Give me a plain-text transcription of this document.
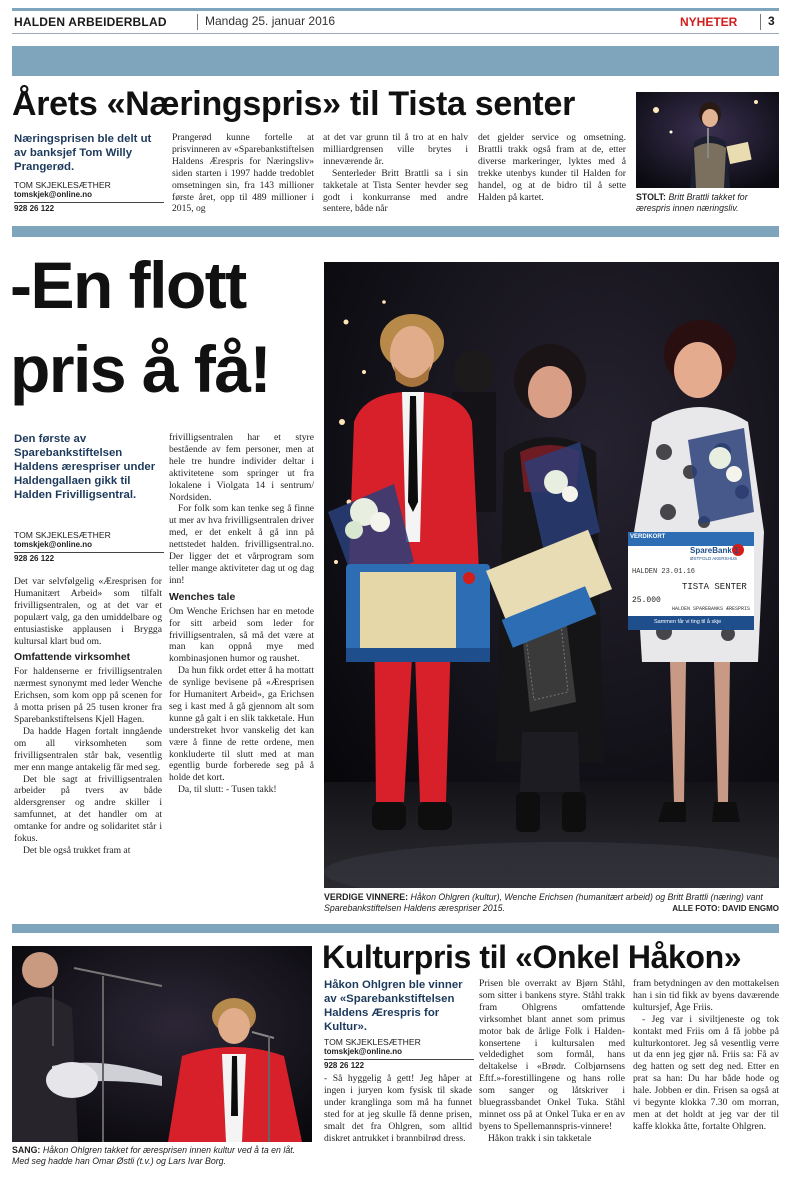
HALDEN ARBEIDERBLAD	Mandag 25. januar 2016	NYHETER	3
Årets «Næringspris» til Tista senter
Næringsprisen ble delt ut av banksjef Tom Willy Prangerød.
TOM SKJEKLESÆTHER
tomskjek@online.no
928 26 122

Prangerød kunne fortelle at prisvinneren av «Sparebankstiftelsen Haldens Ærespris for Næringsliv» siden starten i 1997 hadde tredoblet omsetningen sin, fra 143 millioner første året, opp til 489 millioner i 2015, og

at det var grunn til å tro at en halv milliardgrensen ville brytes i inneværende år.

Senterleder Britt Brattli sa i sin takketale at Tista Senter hevder seg godt i konkurranse med andre sentere, både når

det gjelder service og omsetning. Brattli trakk også fram at de, etter diverse markeringer, lyktes med å trekke utenbys kunder til Halden for handel, og at de bidro til å sette Halden på kartet.	STOLT: Britt Brattli takket for ærespris innen næringsliv.
-En flott
pris å få!
Den første av Sparebankstiftelsen Haldens ærespriser under Haldengallaen gikk til Halden Frivilligsentral.
TOM SKJEKLESÆTHER
tomskjek@online.no
928 26 122

Det var selvfølgelig «Æresprisen for Humanitært Arbeid» som tilfalt frivilligsentralen, og at det var et populært valg, ga den umiddelbare og entusiastiske applausen i Brygga kultursal klart bud om.

Omfattende virksomhet

For haldenserne er frivilligsentralen nærmest synonymt med leder Wenche Erichsen, som kom opp på scenen for å motta prisen på 25 tusen kroner fra Sparebankstiftelsens Kjell Hagen.

Da hadde Hagen fortalt inngående om all virksomheten som frivilligsentralen står bak, vesentlig mer enn mange antakelig får med seg.

Det ble sagt at frivilligsentralen arbeider på tvers av både aldersgrenser og andre skiller i samfunnet, at det handler om at omtanke for andre og solidaritet står i fokus.

Det ble også trukket fram at

frivilligsentralen har et styre bestående av fem personer, men at hele tre hundre individer deltar i aktivitetene som springer ut fra lokalene i Violgata 14 i sentrum/ Nordsiden.

For folk som kan tenke seg å finne ut mer av hva frivilligsentralen driver med, er det enkelt å gå inn på nettstedet halden. frivilligsentral.no. Der ligger det et vårprogram som teller mange aktiviteter dag ut og dag inn!

Wenches tale

Om Wenche Erichsen har en metode for sitt arbeid som leder for frivilligsentralen, så må det være at man kan oppnå mye med kombinasjonen humor og raushet.

Da hun fikk ordet etter å ha mottatt de synlige bevisene på «Æresprisen for Humanitert Arbeid», ga Erichsen seg i kast med å gå gjennom alt som kunne gå galt i en slik takketale. Hun understreket hvor vanskelig det kan være å finne de rette ordene, men konkluderte til slutt med at man egentlig burde forberede seg på å holde det kort.

Da, til slutt: - Tusen takk!

VERDIKORT
SpareBank 1
ØSTFOLD AKERSHUS
HALDEN 23.01.16
TISTA SENTER
25.000
HALDEN SPAREBANKS ÆRESPRIS
Sammen får vi ting til å skje
VERDIGE VINNERE: Håkon Ohlgren (kultur), Wenche Erichsen (humanitært arbeid) og Britt Brattli (næring) vant Sparebankstiftelsen Haldens ærespriser 2015.	ALLE FOTO: DAVID ENGMO
SANG: Håkon Ohlgren takket for æresprisen innen kultur ved å ta en låt. Med seg hadde han Omar Østli (t.v.) og Lars Ivar Borg.
Kulturpris til «Onkel Håkon»
Håkon Ohlgren ble vinner av «Sparebankstiftelsen Haldens Ærespris for Kultur».
TOM SKJEKLESÆTHER
tomskjek@online.no
928 26 122

- Så hyggelig å gett! Jeg håper at ingen i juryen kom fysisk til skade under kranglinga som må ha funnet sted for at jeg skulle få denne prisen, smalt det fra Ohlgren, som alltid diskret antrukket i brannbilrød dress.

Prisen ble overrakt av Bjørn Ståhl, som sitter i bankens styre. Ståhl trakk fram Ohlgrens omfattende virksomhet blant annet som primus motor bak de årlige Folk i Halden-konsertene i kultursalen med veldedighet som formål, hans deltakelse i «Brødr. Colbjørnsens Eftf.»-forestillingene og hans rolle som sanger og låtskriver i bluegrassbandet Onkel Tuka. Ståhl minnet oss på at Onkel Tuka er en av byens to Spellemannspris-vinnere!

Håkon trakk i sin takketale

fram betydningen av den mottakelsen han i sin tid fikk av byens daværende kultursjef, Åge Friis.

- Jeg var i siviltjeneste og tok kontakt med Friis om å få jobbe på kulturkontoret. Jeg så vesentlig verre ut da enn jeg gjør nå. Friis sa: Få av deg hatten og sett deg ned. Etter en prat sa han: Du har både hode og hale. Jobben er din. Frisen sa også at vi begynte klokka 7.30 om morran, men at det holdt at jeg var der til kaffe klokka åtte, fortalte Ohlgren.
